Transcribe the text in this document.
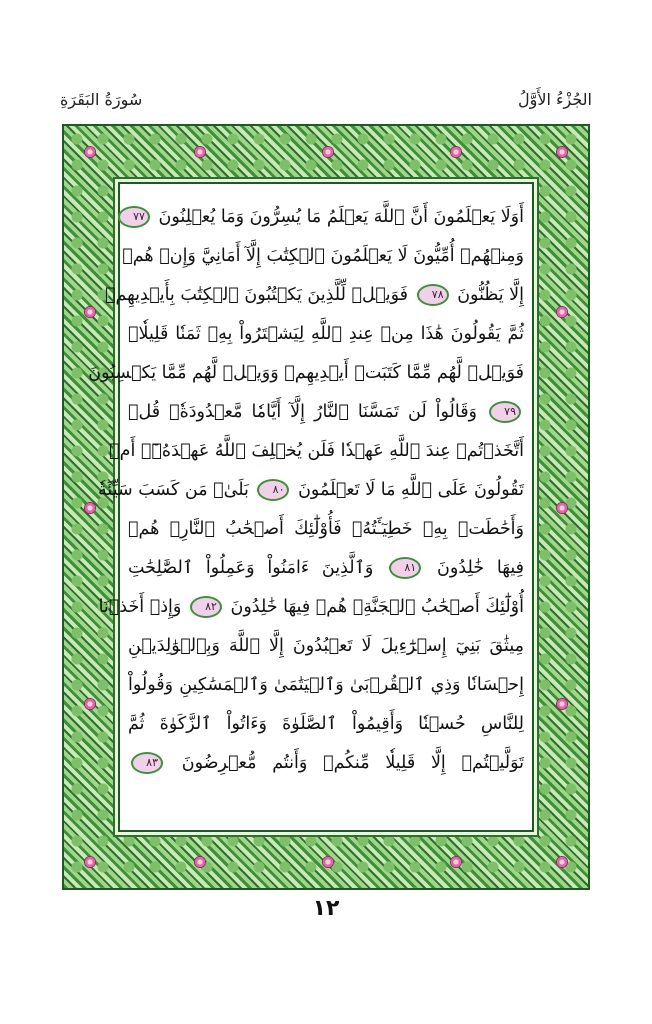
سُورَةُ البَقَرَةِ	الجُزْءُ الأَوَّلُ
أَوَلَا يَعۡلَمُونَ أَنَّ ٱللَّهَ يَعۡلَمُ مَا يُسِرُّونَ وَمَا يُعۡلِنُونَ ٧٧
وَمِنۡهُمۡ أُمِّيُّونَ لَا يَعۡلَمُونَ ٱلۡكِتَٰبَ إِلَّآ أَمَانِيَّ وَإِنۡ هُمۡ
إِلَّا يَظُنُّونَ ٧٨ فَوَيۡلٞ لِّلَّذِينَ يَكۡتُبُونَ ٱلۡكِتَٰبَ بِأَيۡدِيهِمۡ
ثُمَّ يَقُولُونَ هَٰذَا مِنۡ عِندِ ٱللَّهِ لِيَشۡتَرُواْ بِهِۦ ثَمَنٗا قَلِيلٗاۖ
فَوَيۡلٞ لَّهُم مِّمَّا كَتَبَتۡ أَيۡدِيهِمۡ وَوَيۡلٞ لَّهُم مِّمَّا يَكۡسِبُونَ
٧٩ وَقَالُواْ لَن تَمَسَّنَا ٱلنَّارُ إِلَّآ أَيَّامٗا مَّعۡدُودَةٗۚ قُلۡ
أَتَّخَذۡتُمۡ عِندَ ٱللَّهِ عَهۡدٗا فَلَن يُخۡلِفَ ٱللَّهُ عَهۡدَهُۥٓۖ أَمۡ
تَقُولُونَ عَلَى ٱللَّهِ مَا لَا تَعۡلَمُونَ ٨٠ بَلَىٰۚ مَن كَسَبَ سَيِّئَةٗ
وَأَحَٰطَتۡ بِهِۦ خَطِيٓـَٔتُهُۥ فَأُوْلَٰٓئِكَ أَصۡحَٰبُ ٱلنَّارِۖ هُمۡ
فِيهَا خَٰلِدُونَ ٨١ وَٱلَّذِينَ ءَامَنُواْ وَعَمِلُواْ ٱلصَّٰلِحَٰتِ
أُوْلَٰٓئِكَ أَصۡحَٰبُ ٱلۡجَنَّةِۖ هُمۡ فِيهَا خَٰلِدُونَ ٨٢ وَإِذۡ أَخَذۡنَا
مِيثَٰقَ بَنِيٓ إِسۡرَٰٓءِيلَ لَا تَعۡبُدُونَ إِلَّا ٱللَّهَ وَبِٱلۡوَٰلِدَيۡنِ
إِحۡسَانٗا وَذِي ٱلۡقُرۡبَىٰ وَٱلۡيَتَٰمَىٰ وَٱلۡمَسَٰكِينِ وَقُولُواْ
لِلنَّاسِ حُسۡنٗا وَأَقِيمُواْ ٱلصَّلَوٰةَ وَءَاتُواْ ٱلزَّكَوٰةَ ثُمَّ
تَوَلَّيۡتُمۡ إِلَّا قَلِيلٗا مِّنكُمۡ وَأَنتُم مُّعۡرِضُونَ ٨٣
١٢
